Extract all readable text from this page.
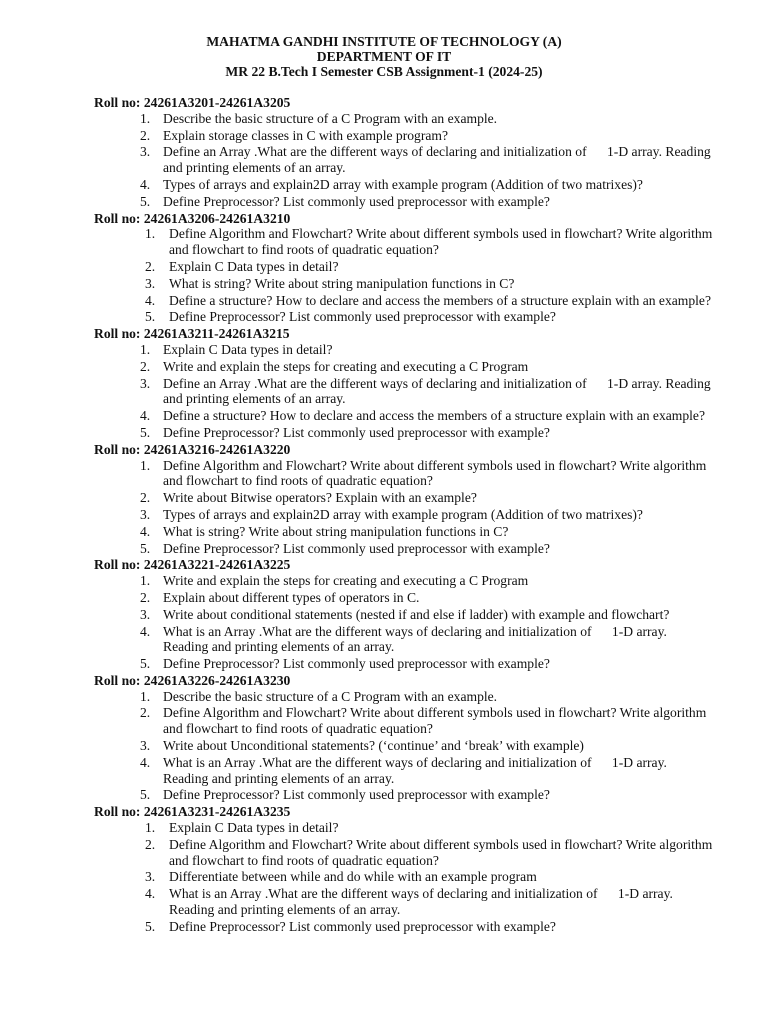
MAHATMA GANDHI INSTITUTE OF TECHNOLOGY (A)
DEPARTMENT OF IT
MR 22 B.Tech I Semester CSB Assignment-1 (2024-25)
Roll no: 24261A3201-24261A3205
1. Describe the basic structure of a C Program with an example.
2. Explain storage classes in C with example program?
3. Define an Array .What are the different ways of declaring and initialization of      1-D array. Reading and printing elements of an array.
4. Types of arrays and explain2D array with example program (Addition of two matrixes)?
5. Define Preprocessor? List commonly used preprocessor with example?
Roll no: 24261A3206-24261A3210
1. Define Algorithm and Flowchart? Write about different symbols used in flowchart? Write algorithm and flowchart to find roots of quadratic equation?
2. Explain C Data types in detail?
3. What is string? Write about string manipulation functions in C?
4. Define a structure? How to declare and access the members of a structure explain with an example?
5. Define Preprocessor? List commonly used preprocessor with example?
Roll no: 24261A3211-24261A3215
1. Explain C Data types in detail?
2. Write and explain the steps for creating and executing a C Program
3. Define an Array .What are the different ways of declaring and initialization of      1-D array. Reading and printing elements of an array.
4. Define a structure? How to declare and access the members of a structure explain with an example?
5. Define Preprocessor? List commonly used preprocessor with example?
Roll no: 24261A3216-24261A3220
1. Define Algorithm and Flowchart? Write about different symbols used in flowchart? Write algorithm and flowchart to find roots of quadratic equation?
2. Write about Bitwise operators? Explain with an example?
3. Types of arrays and explain2D array with example program (Addition of two matrixes)?
4. What is string? Write about string manipulation functions in C?
5. Define Preprocessor? List commonly used preprocessor with example?
Roll no: 24261A3221-24261A3225
1. Write and explain the steps for creating and executing a C Program
2. Explain about different types of operators in C.
3. Write about conditional statements (nested if and else if ladder) with example and flowchart?
4. What is an Array .What are the different ways of declaring and initialization of      1-D array. Reading and printing elements of an array.
5. Define Preprocessor? List commonly used preprocessor with example?
Roll no: 24261A3226-24261A3230
1. Describe the basic structure of a C Program with an example.
2. Define Algorithm and Flowchart? Write about different symbols used in flowchart? Write algorithm and flowchart to find roots of quadratic equation?
3. Write about Unconditional statements? (‘continue’ and ‘break’ with example)
4. What is an Array .What are the different ways of declaring and initialization of      1-D array. Reading and printing elements of an array.
5. Define Preprocessor? List commonly used preprocessor with example?
Roll no: 24261A3231-24261A3235
1. Explain C Data types in detail?
2. Define Algorithm and Flowchart? Write about different symbols used in flowchart? Write algorithm and flowchart to find roots of quadratic equation?
3. Differentiate between while and do while with an example program
4. What is an Array .What are the different ways of declaring and initialization of      1-D array. Reading and printing elements of an array.
5. Define Preprocessor? List commonly used preprocessor with example?
